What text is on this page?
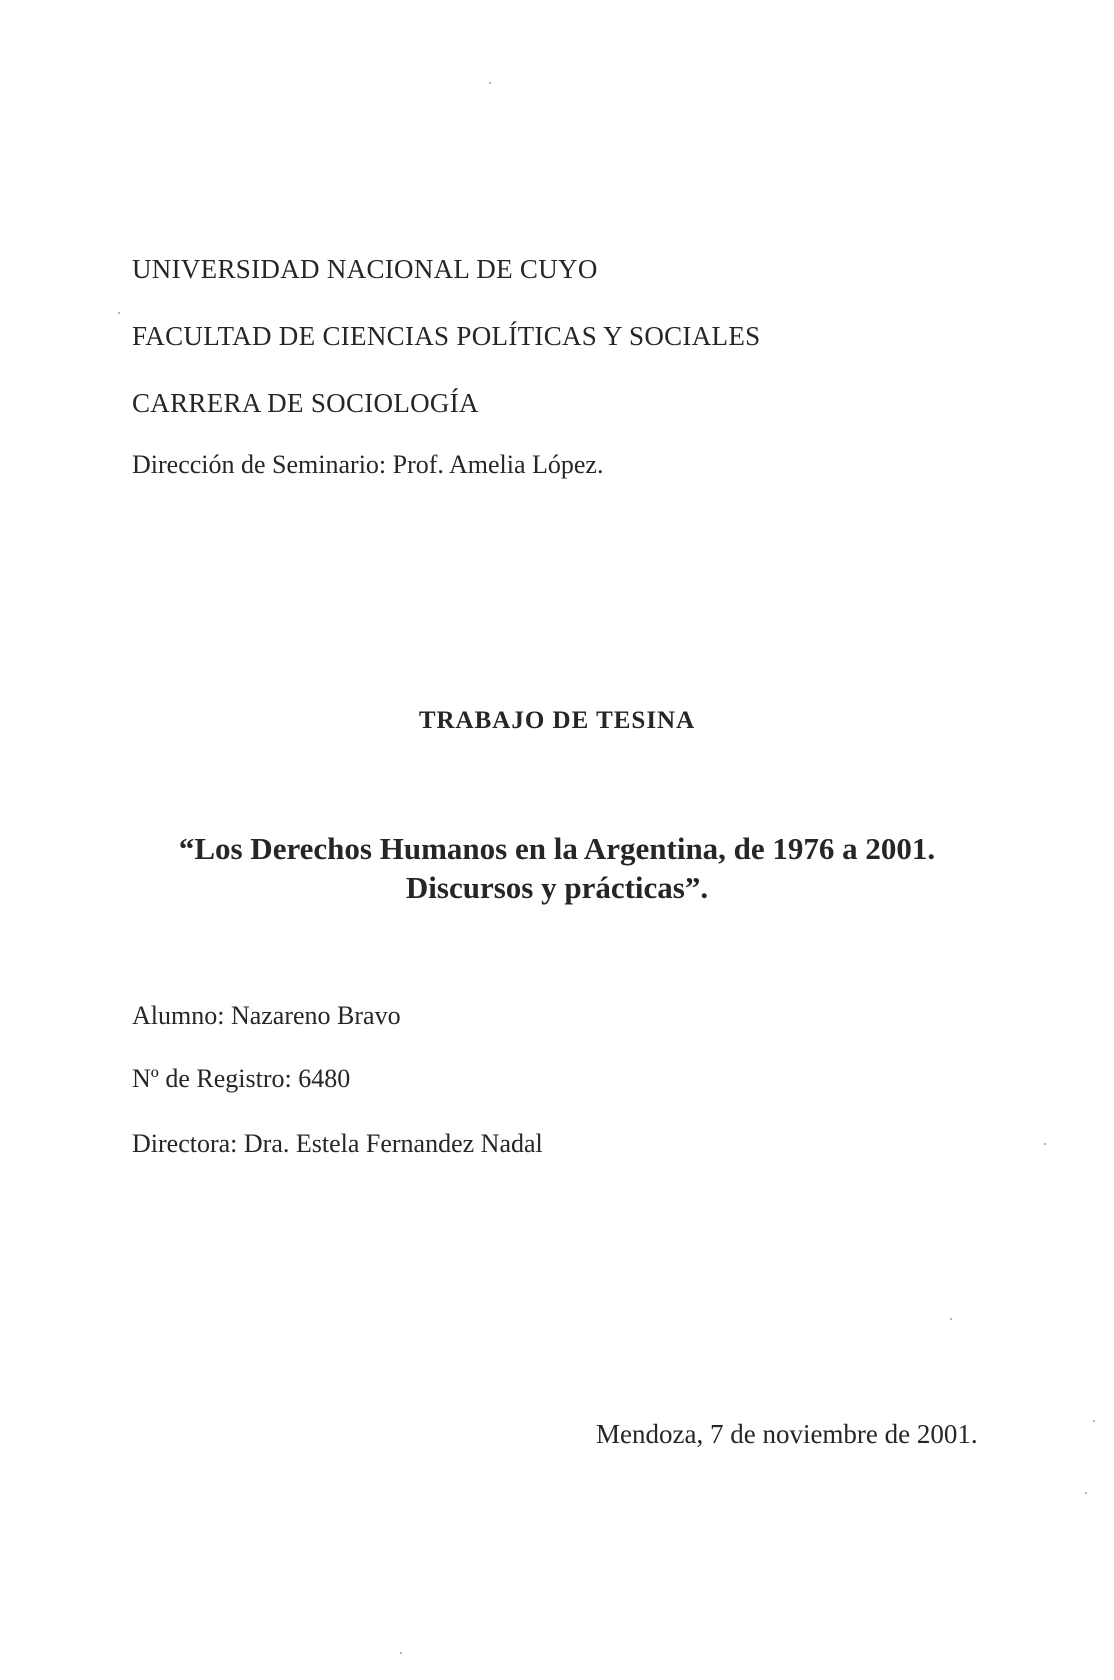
UNIVERSIDAD NACIONAL DE CUYO
FACULTAD DE CIENCIAS POLÍTICAS Y SOCIALES
CARRERA DE SOCIOLOGÍA
Dirección de Seminario: Prof. Amelia López.
TRABAJO DE TESINA
“Los Derechos Humanos en la Argentina, de 1976 a 2001.
Discursos y prácticas”.
Alumno: Nazareno Bravo
Nº de Registro: 6480
Directora: Dra. Estela Fernandez Nadal
Mendoza, 7 de noviembre de 2001.
